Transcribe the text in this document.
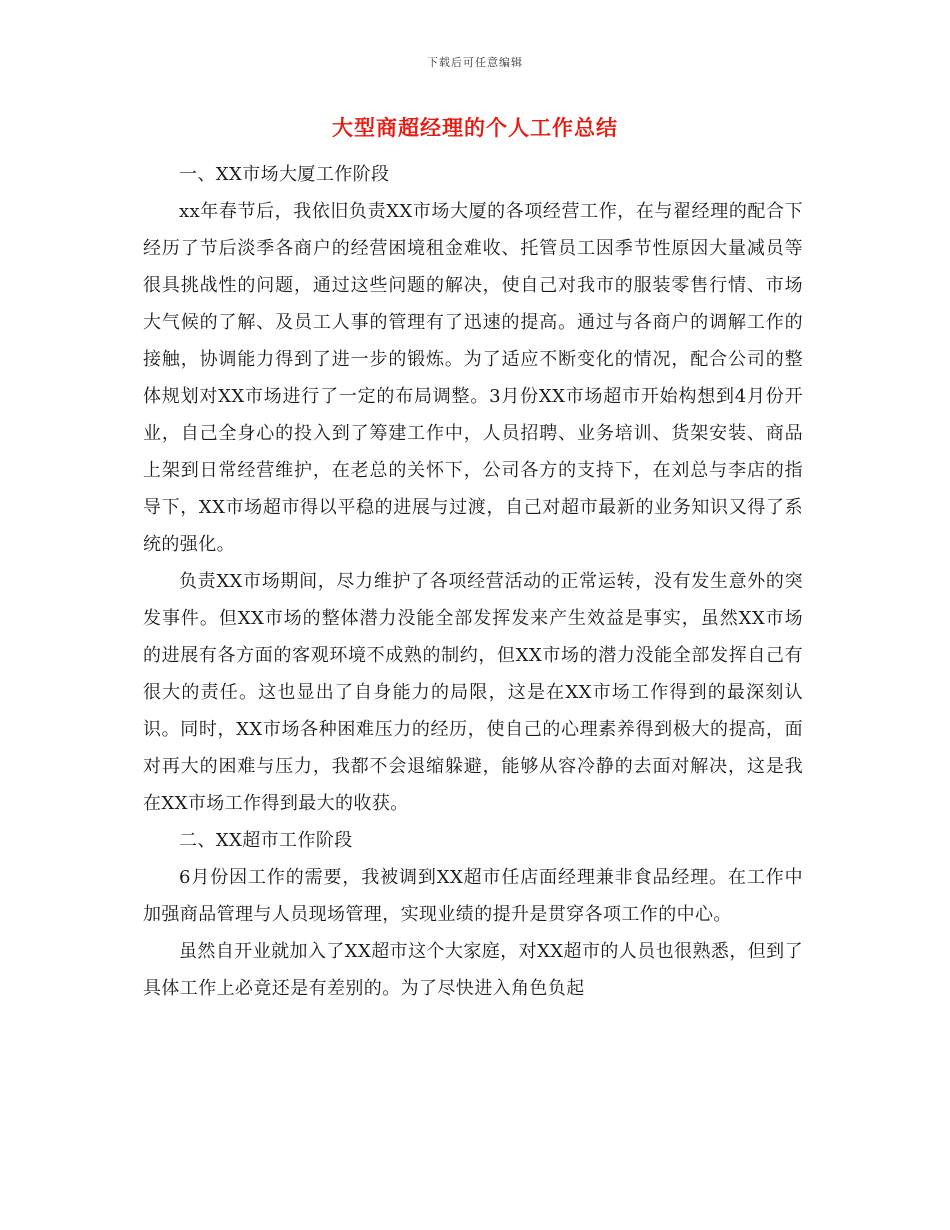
下载后可任意编辑
大型商超经理的个人工作总结

一、XX市场大厦工作阶段

xx年春节后，我依旧负责XX市场大厦的各项经营工作，在与翟经理的配合下经历了节后淡季各商户的经营困境租金难收、托管员工因季节性原因大量减员等很具挑战性的问题，通过这些问题的解决，使自己对我市的服装零售行情、市场大气候的了解、及员工人事的管理有了迅速的提高。通过与各商户的调解工作的接触，协调能力得到了进一步的锻炼。为了适应不断变化的情况，配合公司的整体规划对XX市场进行了一定的布局调整。3月份XX市场超市开始构想到4月份开业，自己全身心的投入到了筹建工作中，人员招聘、业务培训、货架安装、商品上架到日常经营维护，在老总的关怀下，公司各方的支持下，在刘总与李店的指导下，XX市场超市得以平稳的进展与过渡，自己对超市最新的业务知识又得了系统的强化。

负责XX市场期间，尽力维护了各项经营活动的正常运转，没有发生意外的突发事件。但XX市场的整体潜力没能全部发挥发来产生效益是事实，虽然XX市场的进展有各方面的客观环境不成熟的制约，但XX市场的潜力没能全部发挥自己有很大的责任。这也显出了自身能力的局限，这是在XX市场工作得到的最深刻认识。同时，XX市场各种困难压力的经历，使自己的心理素养得到极大的提高，面对再大的困难与压力，我都不会退缩躲避，能够从容冷静的去面对解决，这是我在XX市场工作得到最大的收获。

二、XX超市工作阶段

6月份因工作的需要，我被调到XX超市任店面经理兼非食品经理。在工作中加强商品管理与人员现场管理，实现业绩的提升是贯穿各项工作的中心。

虽然自开业就加入了XX超市这个大家庭，对XX超市的人员也很熟悉，但到了具体工作上必竟还是有差别的。为了尽快进入角色负起
